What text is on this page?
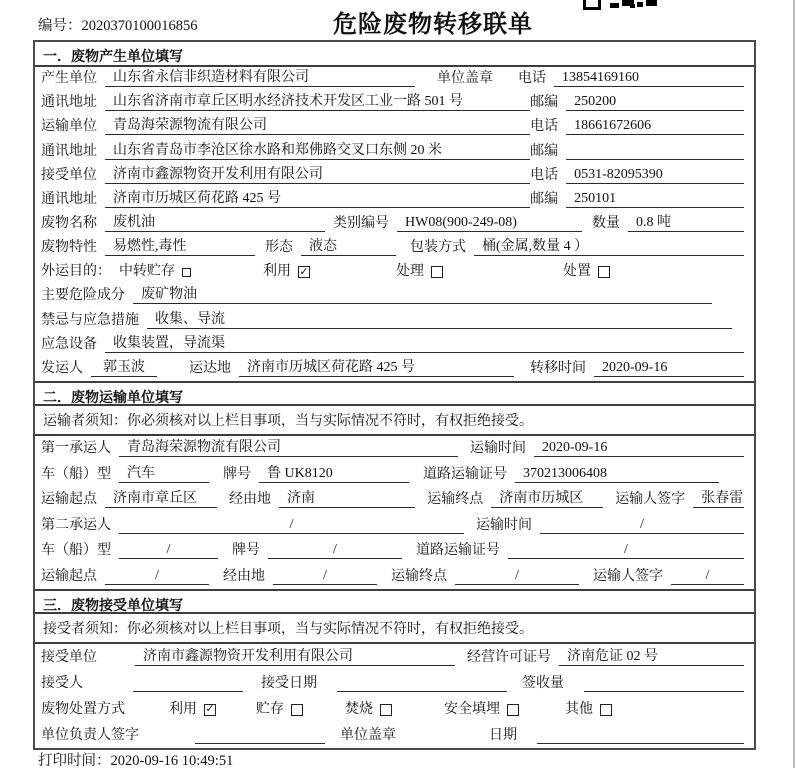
编号：2020370100016856	危险废物转移联单
一．废物产生单位填写
产生单位	山东省永信非织造材料有限公司	单位盖章 电话	13854169160
通讯地址	山东省济南市章丘区明水经济技术开发区工业一路 501 号	邮编	250200
运输单位	青岛海荣源物流有限公司	电话	18661672606
通讯地址	山东省青岛市李沧区徐水路和郑佛路交叉口东侧 20 米	邮编
接受单位	济南市鑫源物资开发利用有限公司	电话	0531-82095390
通讯地址	济南市历城区荷花路 425 号	邮编	250101
废物名称	废机油	类别编号	HW08(900-249-08)	数量	0.8 吨
废物特性	易燃性,毒性	形态	液态	包装方式	桶(金属,数量 4 ）
外运目的： 中转贮存	利用 ✓	处理	处置
主要危险成分	废矿物油
禁忌与应急措施	收集、导流
应急设备	收集装置，导流渠
发运人	郭玉波	运达地	济南市历城区荷花路 425 号	转移时间	2020-09-16
二．废物运输单位填写
运输者须知：你必须核对以上栏目事项，当与实际情况不符时，有权拒绝接受。
第一承运人	青岛海荣源物流有限公司	运输时间	2020-09-16
车（船）型	汽车	牌号	鲁 UK8120	道路运输证号	370213006408
运输起点	济南市章丘区	经由地	济南	运输终点	济南市历城区	运输人签字	张春雷
第二承运人	/	运输时间	/
车（船）型	/	牌号	/	道路运输证号	/
运输起点	/	经由地	/	运输终点	/	运输人签字	/
三．废物接受单位填写
接受者须知：你必须核对以上栏目事项，当与实际情况不符时，有权拒绝接受。
接受单位	济南市鑫源物资开发利用有限公司	经营许可证号	济南危证 02 号
接受人	接受日期	签收量
废物处置方式	利用 ✓	贮存	焚烧	安全填埋	其他
单位负责人签字	单位盖章	日期
打印时间：2020-09-16 10:49:51
